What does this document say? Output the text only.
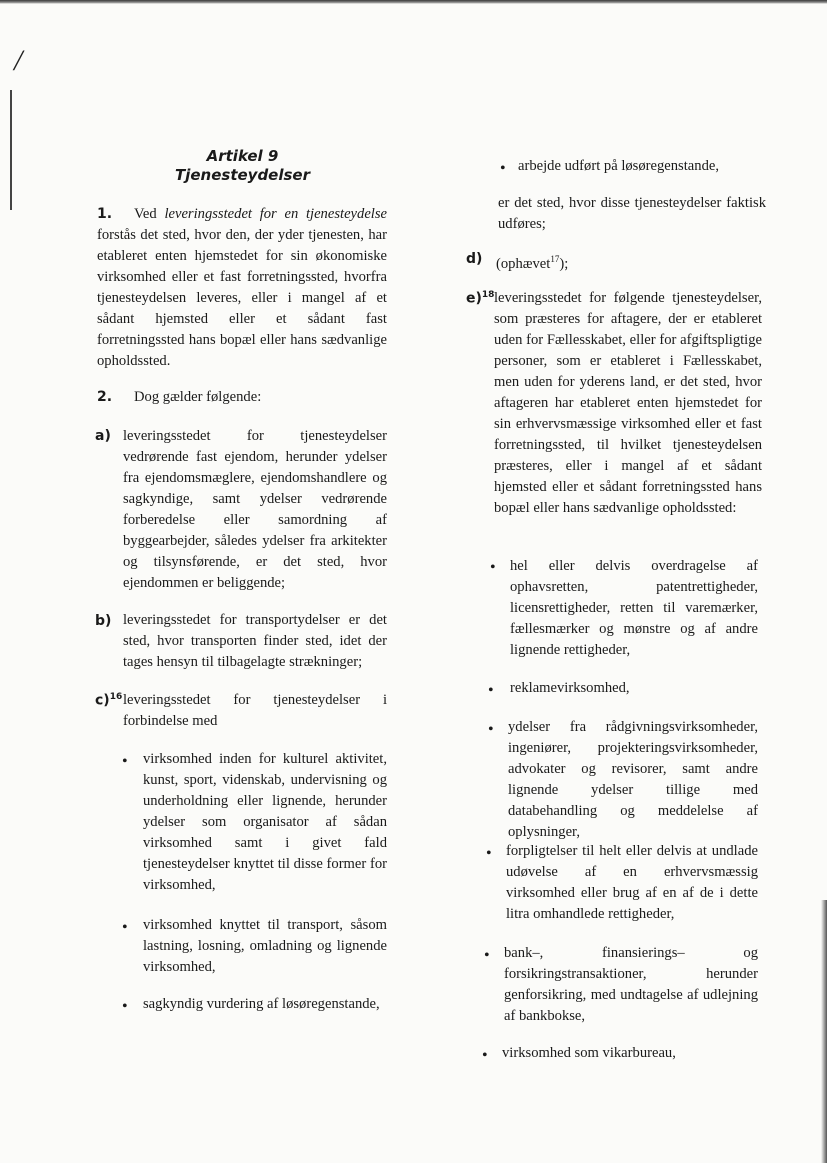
/
Artikel 9
Tjenesteydelser
1.	Ved leveringsstedet for en tjenesteydelse forstås det sted, hvor den, der yder tjenesten, har etableret enten hjemstedet for sin økonomiske virksomhed eller et fast forretningssted, hvorfra tjenesteydelsen leveres, eller i mangel af et sådant hjemsted eller et sådant fast forretningssted hans bopæl eller hans sædvanlige opholdssted.

2. Dog gælder følgende:

a) leveringsstedet for tjenesteydelser vedrørende fast ejendom, herunder ydelser fra ejendomsmæglere, ejendomshandlere og sagkyndige, samt ydelser vedrørende forberedelse eller samordning af byggearbejder, således ydelser fra arkitekter og tilsynsførende, er det sted, hvor ejendommen er beliggende;

b) leveringsstedet for transportydelser er det sted, hvor transporten finder sted, idet der tages hensyn til tilbagelagte strækninger;

c)$^{16}$ leveringsstedet for tjenesteydelser i forbindelse med

• virksomhed inden for kulturel aktivitet, kunst, sport, videnskab, undervisning og underholdning eller lignende, herunder ydelser som organisator af sådan virksomhed samt i givet fald tjenesteydelser knyttet til disse former for virksomhed,

• virksomhed knyttet til transport, såsom lastning, losning, omladning og lignende virksomhed,

• sagkyndig vurdering af løsøregenstande,

• arbejde udført på løsøregenstande,

er det sted, hvor disse tjenesteydelser faktisk udføres;

d) (ophævet$^{17}$);

e)$^{18}$ leveringsstedet for følgende tjenesteydelser, som præsteres for aftagere, der er etableret uden for Fællesskabet, eller for afgiftspligtige personer, som er etableret i Fællesskabet, men uden for yderens land, er det sted, hvor aftageren har etableret enten hjemstedet for sin erhvervsmæssige virksomhed eller et fast forretningssted, til hvilket tjenesteydelsen præsteres, eller i mangel af et sådant hjemsted eller et sådant forretningssted hans bopæl eller hans sædvanlige opholdssted:

• hel eller delvis overdragelse af ophavsretten, patentrettigheder, licensrettigheder, retten til varemærker, fællesmærker og mønstre og af andre lignende rettigheder,

• reklamevirksomhed,

• ydelser fra rådgivningsvirksomheder, ingeniører, projekteringsvirksomheder, advokater og revisorer, samt andre lignende ydelser tillige med databehandling og meddelelse af oplysninger,

• forpligtelser til helt eller delvis at undlade udøvelse af en erhvervsmæssig virksomhed eller brug af en af de i dette litra omhandlede rettigheder,

• bank–, finansierings– og forsikringstransaktioner, herunder genforsikring, med undtagelse af udlejning af bankbokse,

• virksomhed som vikarbureau,
